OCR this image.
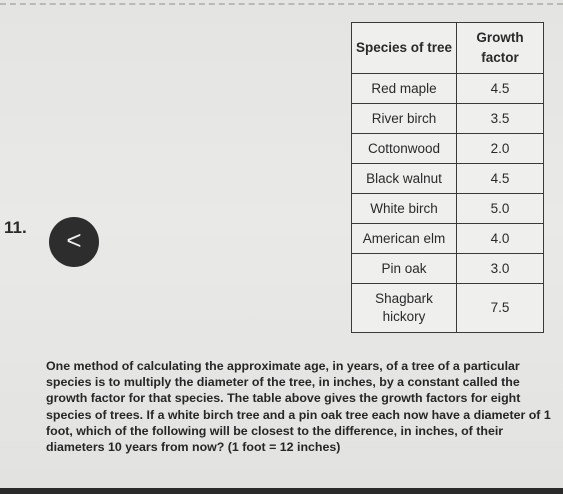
11.	<
Species of tree	Growth factor
Red maple	4.5
River birch	3.5
Cottonwood	2.0
Black walnut	4.5
White birch	5.0
American elm	4.0
Pin oak	3.0
Shagbark hickory	7.5
One method of calculating the approximate age, in years, of a tree of a particular species is to multiply the diameter of the tree, in inches, by a constant called the growth factor for that species. The table above gives the growth factors for eight species of trees. If a white birch tree and a pin oak tree each now have a diameter of 1 foot, which of the following will be closest to the difference, in inches, of their diameters 10 years from now? (1 foot = 12 inches)
